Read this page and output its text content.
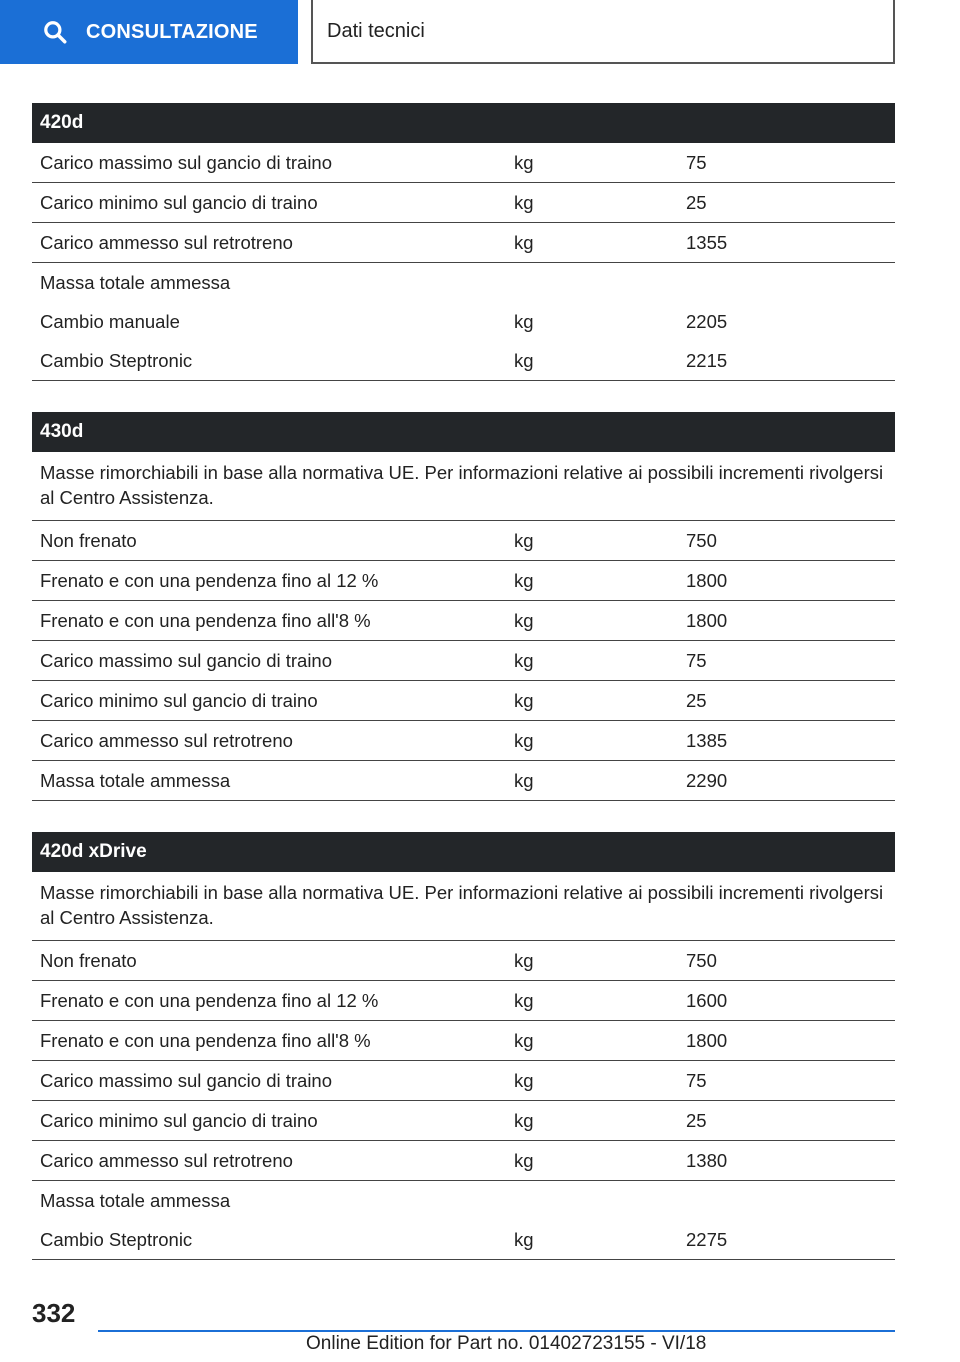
CONSULTAZIONE	Dati tecnici
420d
Carico massimo sul gancio di traino	kg	75
Carico minimo sul gancio di traino	kg	25
Carico ammesso sul retrotreno	kg	1355
Massa totale ammessa
Cambio manuale	kg	2205
Cambio Steptronic	kg	2215
430d
Masse rimorchiabili in base alla normativa UE. Per informazioni relative ai possibili incrementi rivolgersi al Centro Assistenza.
Non frenato	kg	750
Frenato e con una pendenza fino al 12 %	kg	1800
Frenato e con una pendenza fino all'8 %	kg	1800
Carico massimo sul gancio di traino	kg	75
Carico minimo sul gancio di traino	kg	25
Carico ammesso sul retrotreno	kg	1385
Massa totale ammessa	kg	2290
420d xDrive
Masse rimorchiabili in base alla normativa UE. Per informazioni relative ai possibili incrementi rivolgersi al Centro Assistenza.
Non frenato	kg	750
Frenato e con una pendenza fino al 12 %	kg	1600
Frenato e con una pendenza fino all'8 %	kg	1800
Carico massimo sul gancio di traino	kg	75
Carico minimo sul gancio di traino	kg	25
Carico ammesso sul retrotreno	kg	1380
Massa totale ammessa
Cambio Steptronic	kg	2275
332
Online Edition for Part no. 01402723155 - VI/18
